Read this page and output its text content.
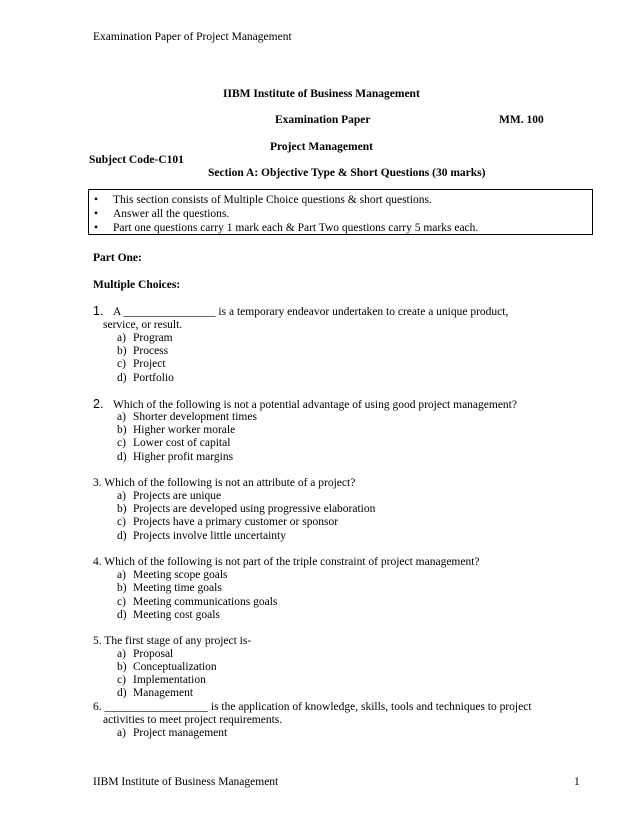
Examination Paper of Project Management
IIBM Institute of Business Management
Examination Paper	MM. 100
Project Management
Subject Code-C101
Section A: Objective Type & Short Questions (30 marks)
• This section consists of Multiple Choice questions & short questions.
• Answer all the questions.
• Part one questions carry 1 mark each & Part Two questions carry 5 marks each.
Part One:
Multiple Choices:
1. A ________________ is a temporary endeavor undertaken to create a unique product,
service, or result.
a) Program
b) Process
c) Project
d) Portfolio
2. Which of the following is not a potential advantage of using good project management?
a) Shorter development times
b) Higher worker morale
c) Lower cost of capital
d) Higher profit margins
3. Which of the following is not an attribute of a project?
a) Projects are unique
b) Projects are developed using progressive elaboration
c) Projects have a primary customer or sponsor
d) Projects involve little uncertainty
4. Which of the following is not part of the triple constraint of project management?
a) Meeting scope goals
b) Meeting time goals
c) Meeting communications goals
d) Meeting cost goals
5. The first stage of any project is-
a) Proposal
b) Conceptualization
c) Implementation
d) Management
6. __________________ is the application of knowledge, skills, tools and techniques to project
activities to meet project requirements.
a) Project management
IIBM Institute of Business Management	1
